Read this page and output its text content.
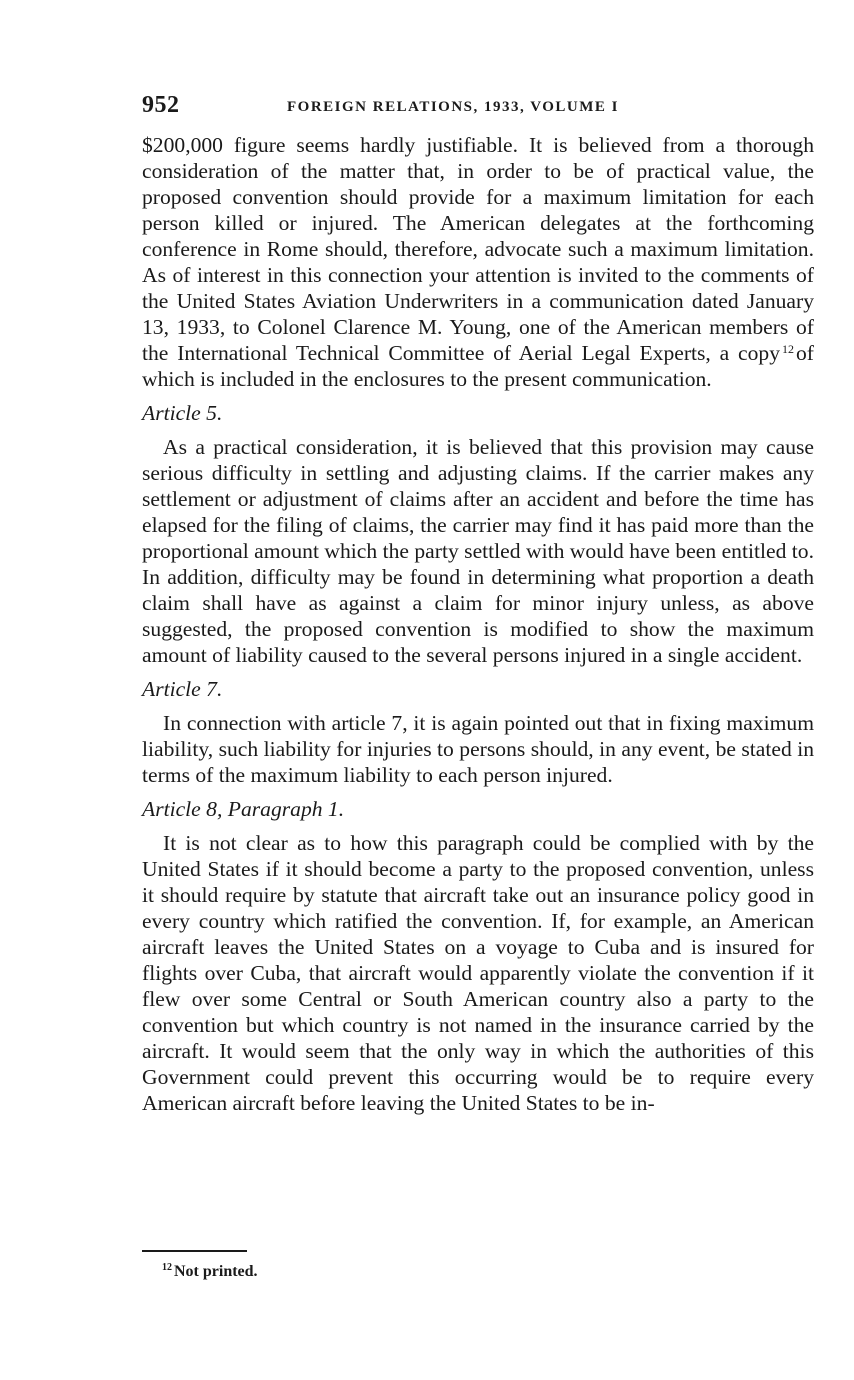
952	FOREIGN RELATIONS, 1933, VOLUME I

$200,000 figure seems hardly justifiable. It is believed from a thorough consideration of the matter that, in order to be of practical value, the proposed convention should provide for a maximum limitation for each person killed or injured. The American delegates at the forthcoming conference in Rome should, therefore, advocate such a maximum limitation. As of interest in this connection your attention is invited to the comments of the United States Aviation Underwriters in a communication dated January 13, 1933, to Colonel Clarence M. Young, one of the American members of the International Technical Committee of Aerial Legal Experts, a copy $^{12}$of which is included in the enclosures to the present communication.

Article 5.

As a practical consideration, it is believed that this provision may cause serious difficulty in settling and adjusting claims. If the carrier makes any settlement or adjustment of claims after an accident and before the time has elapsed for the filing of claims, the carrier may find it has paid more than the proportional amount which the party settled with would have been entitled to. In addition, difficulty may be found in determining what proportion a death claim shall have as against a claim for minor injury unless, as above suggested, the proposed convention is modified to show the maximum amount of liability caused to the several persons injured in a single accident.

Article 7.

In connection with article 7, it is again pointed out that in fixing maximum liability, such liability for injuries to persons should, in any event, be stated in terms of the maximum liability to each person injured.

Article 8, Paragraph 1.

It is not clear as to how this paragraph could be complied with by the United States if it should become a party to the proposed convention, unless it should require by statute that aircraft take out an insurance policy good in every country which ratified the convention. If, for example, an American aircraft leaves the United States on a voyage to Cuba and is insured for flights over Cuba, that aircraft would apparently violate the convention if it flew over some Central or South American country also a party to the convention but which country is not named in the insurance carried by the aircraft. It would seem that the only way in which the authorities of this Government could prevent this occurring would be to require every American aircraft before leaving the United States to be in-

$^{12}$ Not printed.
